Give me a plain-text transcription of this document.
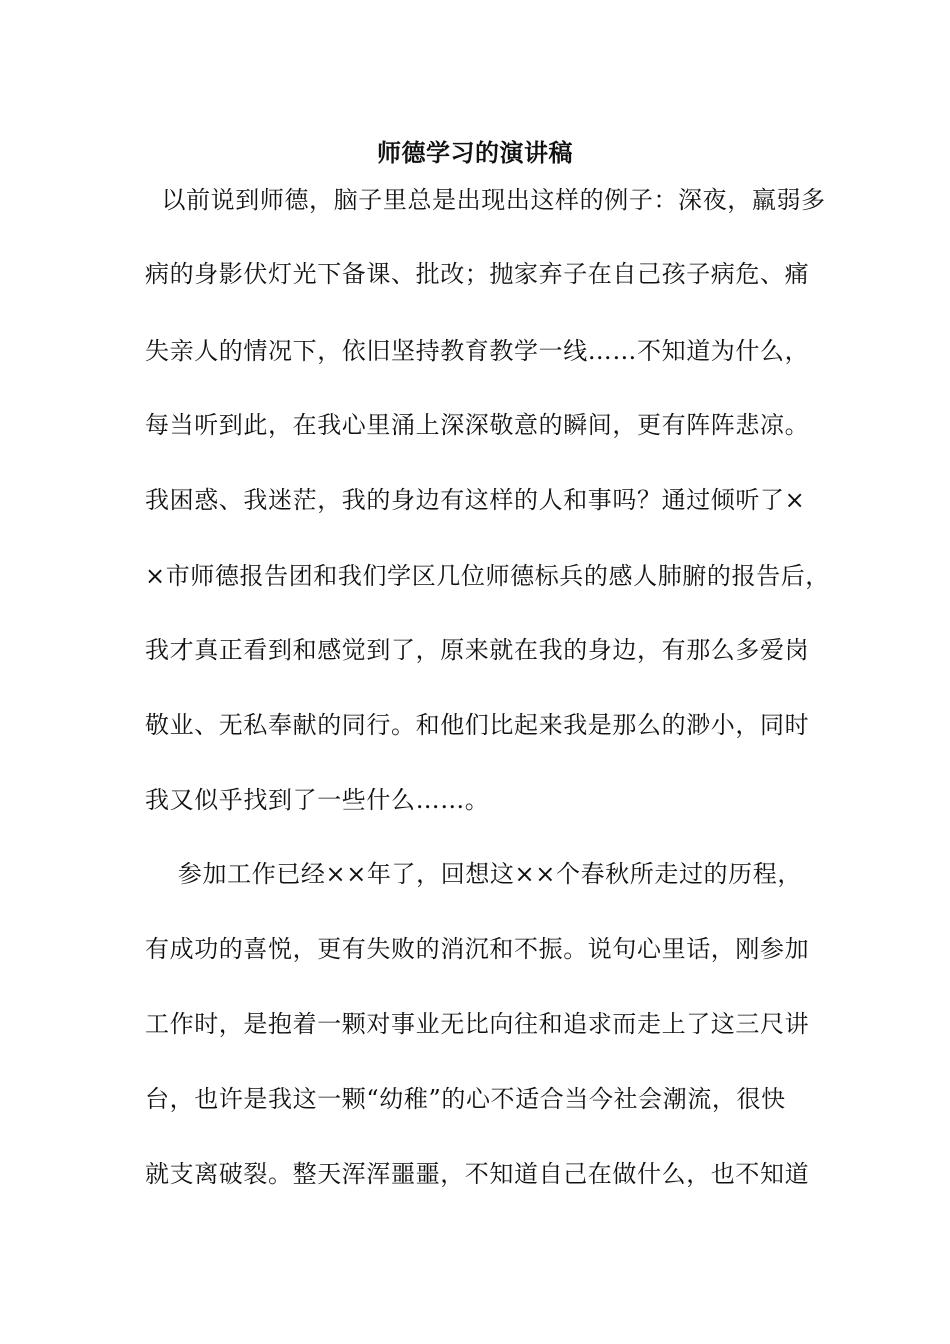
师德学习的演讲稿
以前说到师德，脑子里总是出现出这样的例子：深夜，羸弱多
病的身影伏灯光下备课、批改；抛家弃子在自己孩子病危、痛
失亲人的情况下，依旧坚持教育教学一线……不知道为什么，
每当听到此，在我心里涌上深深敬意的瞬间，更有阵阵悲凉。
我困惑、我迷茫，我的身边有这样的人和事吗？通过倾听了×
×市师德报告团和我们学区几位师德标兵的感人肺腑的报告后，
我才真正看到和感觉到了，原来就在我的身边，有那么多爱岗
敬业、无私奉献的同行。和他们比起来我是那么的渺小，同时
我又似乎找到了一些什么……。
参加工作已经××年了，回想这××个春秋所走过的历程，
有成功的喜悦，更有失败的消沉和不振。说句心里话，刚参加
工作时，是抱着一颗对事业无比向往和追求而走上了这三尺讲
台，也许是我这一颗“幼稚”的心不适合当今社会潮流，很快
就支离破裂。整天浑浑噩噩，不知道自己在做什么，也不知道
